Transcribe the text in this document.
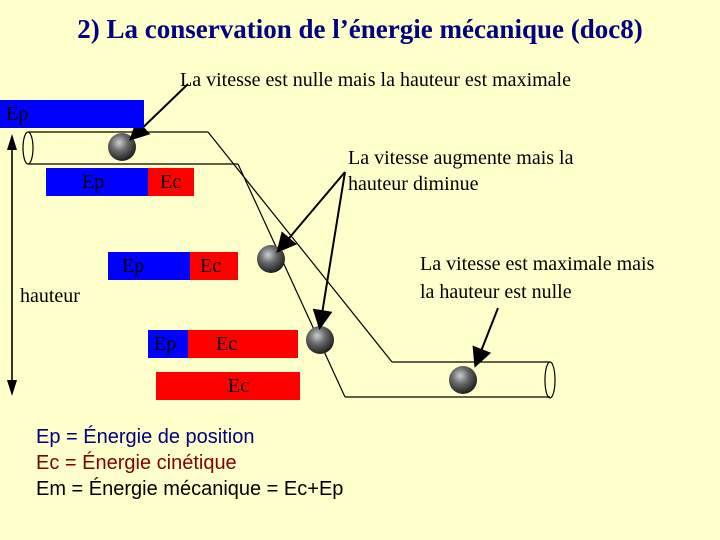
2) La conservation de l’énergie mécanique (doc8)
La vitesse est nulle mais la hauteur est maximale
La vitesse augmente mais la
hauteur diminue
La vitesse est maximale mais
la hauteur est nulle
hauteur
Ep
Ep	Ec
Ep	Ec
Ep	Ec
Ec
Ep = Énergie de position
Ec = Énergie cinétique
Em = Énergie mécanique = Ec+Ep
